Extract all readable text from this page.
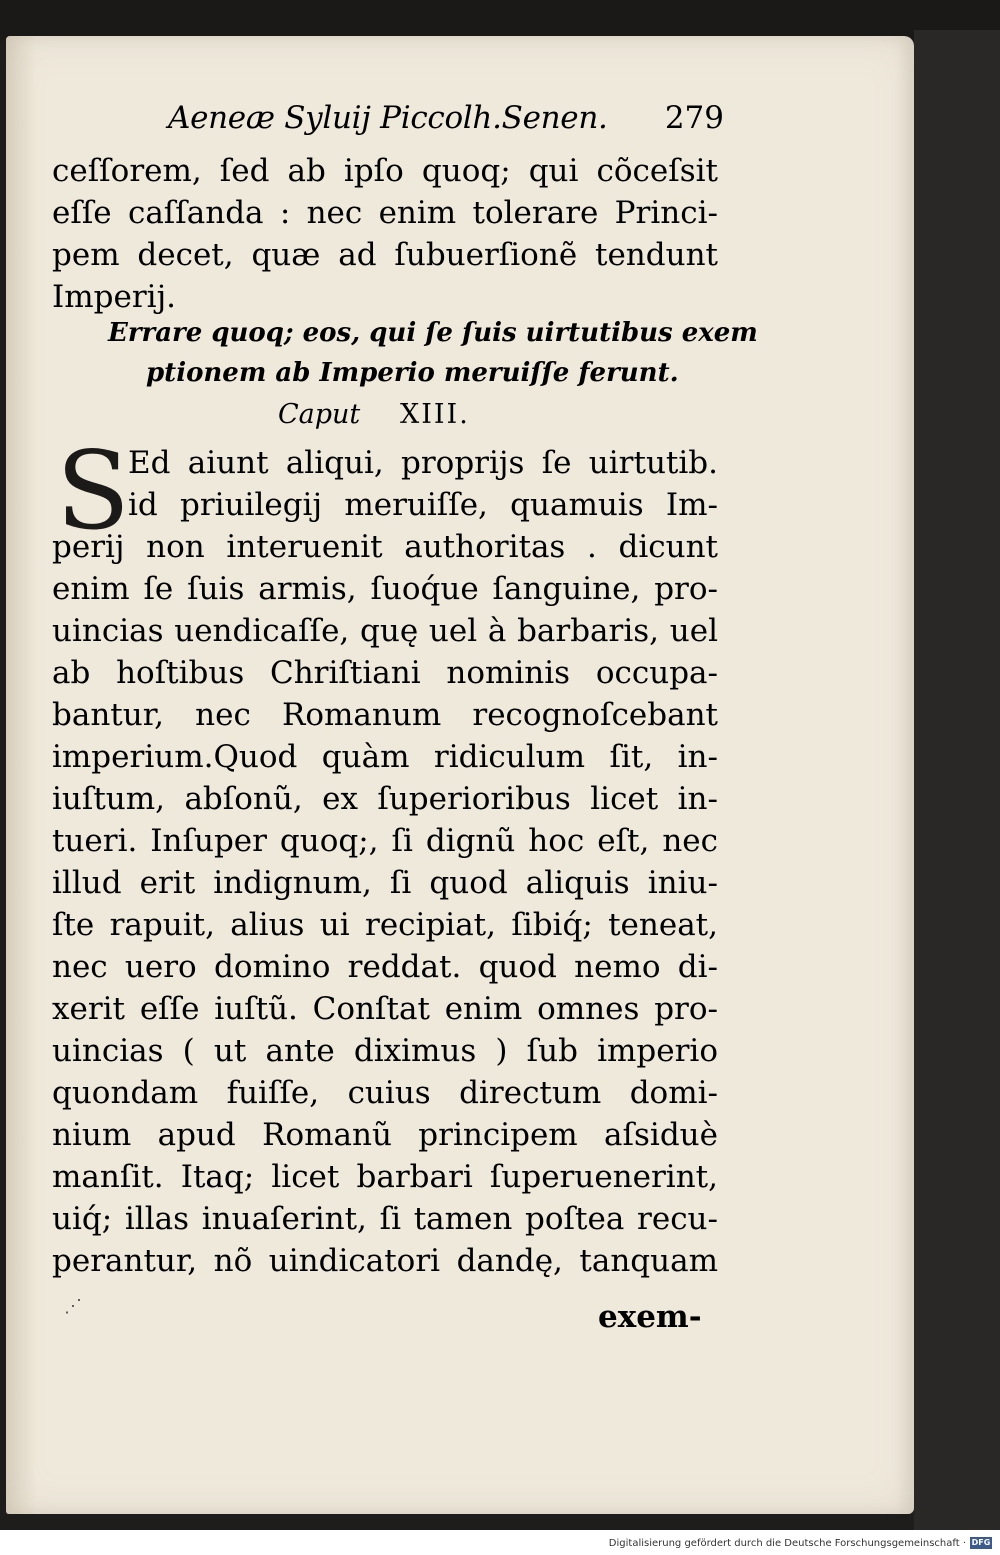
Aeneæ Syluij Piccolh.Senen. 279
ceſſorem, ſed ab ipſo quoq; qui cõceſsit
eſſe caſſanda : nec enim tolerare Princi-
pem decet, quæ ad ſubuerſionẽ tendunt
Imperij.
Errare quoq; eos, qui ſe ſuis uirtutibus exem
ptionem ab Imperio meruiſſe ferunt.
Caput XIII.
S
Ed aiunt aliqui, proprijs ſe uirtutib.
id priuilegij meruiſſe, quamuis Im-
perij non interuenit authoritas . dicunt
enim ſe ſuis armis, ſuoq́ue ſanguine, pro-
uincias uendicaſſe, quę uel à barbaris, uel
ab hoſtibus Chriſtiani nominis occupa-
bantur, nec Romanum recognoſcebant
imperium.Quod quàm ridiculum ſit, in-
iuſtum, abſonũ, ex ſuperioribus licet in-
tueri. Inſuper quoq;, ſi dignũ hoc eſt, nec
illud erit indignum, ſi quod aliquis iniu-
ſte rapuit, alius ui recipiat, ſibiq́; teneat,
nec uero domino reddat. quod nemo di-
xerit eſſe iuſtũ. Conſtat enim omnes pro-
uincias ( ut ante diximus ) ſub imperio
quondam fuiſſe, cuius directum domi-
nium apud Romanũ principem aſsiduè
manſit. Itaq; licet barbari ſuperuenerint,
uiq́; illas inuaſerint, ſi tamen poſtea recu-
perantur, nõ uindicatori dandę, tanquam
⋰	exem-
Digitalisierung gefördert durch die Deutsche Forschungsgemeinschaft · DFG
